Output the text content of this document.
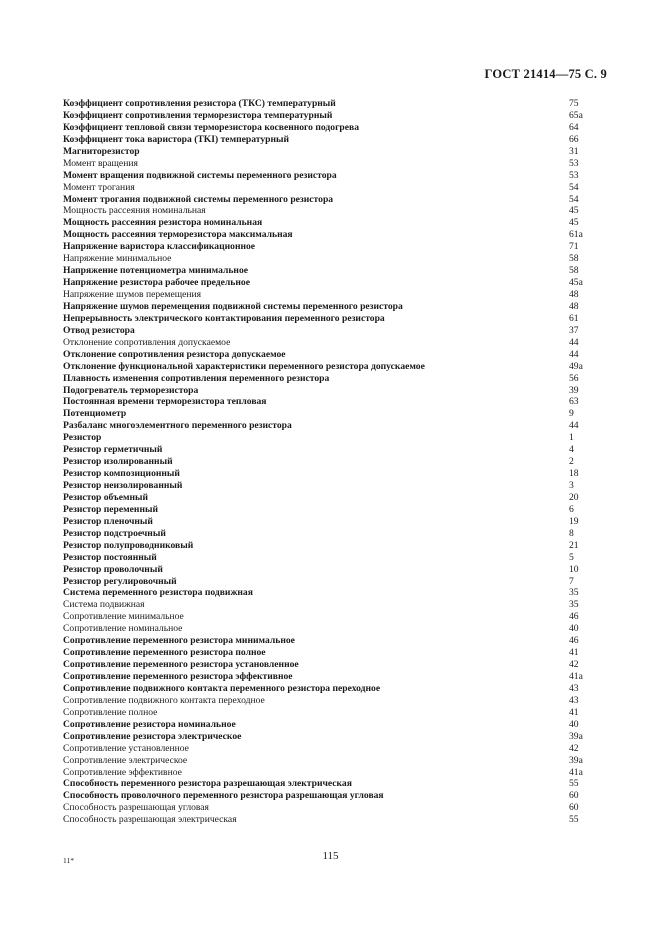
ГОСТ 21414—75 С. 9
Коэффициент сопротивления резистора (ТКС) температурный	75
Коэффициент сопротивления терморезистора температурный	65а
Коэффициент тепловой связи терморезистора косвенного подогрева	64
Коэффициент тока варистора (TKI) температурный	66
Магниторезистор	31
Момент вращения	53
Момент вращения подвижной системы переменного резистора	53
Момент трогания	54
Момент трогания подвижной системы переменного резистора	54
Мощность рассеяния номинальная	45
Мощность рассеяния резистора номинальная	45
Мощность рассеяния терморезистора максимальная	61а
Напряжение варистора классификационное	71
Напряжение минимальное	58
Напряжение потенциометра минимальное	58
Напряжение резистора рабочее предельное	45а
Напряжение шумов перемещения	48
Напряжение шумов перемещения подвижной системы переменного резистора	48
Непрерывность электрического контактирования переменного резистора	61
Отвод резистора	37
Отклонение сопротивления допускаемое	44
Отклонение сопротивления резистора допускаемое	44
Отклонение функциональной характеристики переменного резистора допускаемое	49а
Плавность изменения сопротивления переменного резистора	56
Подогреватель терморезистора	39
Постоянная времени терморезистора тепловая	63
Потенциометр	9
Разбаланс многоэлементного переменного резистора	44
Резистор	1
Резистор герметичный	4
Резистор изолированный	2
Резистор композиционный	18
Резистор неизолированный	3
Резистор объемный	20
Резистор переменный	6
Резистор пленочный	19
Резистор подстроечный	8
Резистор полупроводниковый	21
Резистор постоянный	5
Резистор проволочный	10
Резистор регулировочный	7
Система переменного резистора подвижная	35
Система подвижная	35
Сопротивление минимальное	46
Сопротивление номинальное	40
Сопротивление переменного резистора минимальное	46
Сопротивление переменного резистора полное	41
Сопротивление переменного резистора установленное	42
Сопротивление переменного резистора эффективное	41а
Сопротивление подвижного контакта переменного резистора переходное	43
Сопротивление подвижного контакта переходное	43
Сопротивление полное	41
Сопротивление резистора номинальное	40
Сопротивление резистора электрическое	39а
Сопротивление установленное	42
Сопротивление электрическое	39а
Сопротивление эффективное	41а
Способность переменного резистора разрешающая электрическая	55
Способность проволочного переменного резистора разрешающая угловая	60
Способность разрешающая угловая	60
Способность разрешающая электрическая	55
11*	115
